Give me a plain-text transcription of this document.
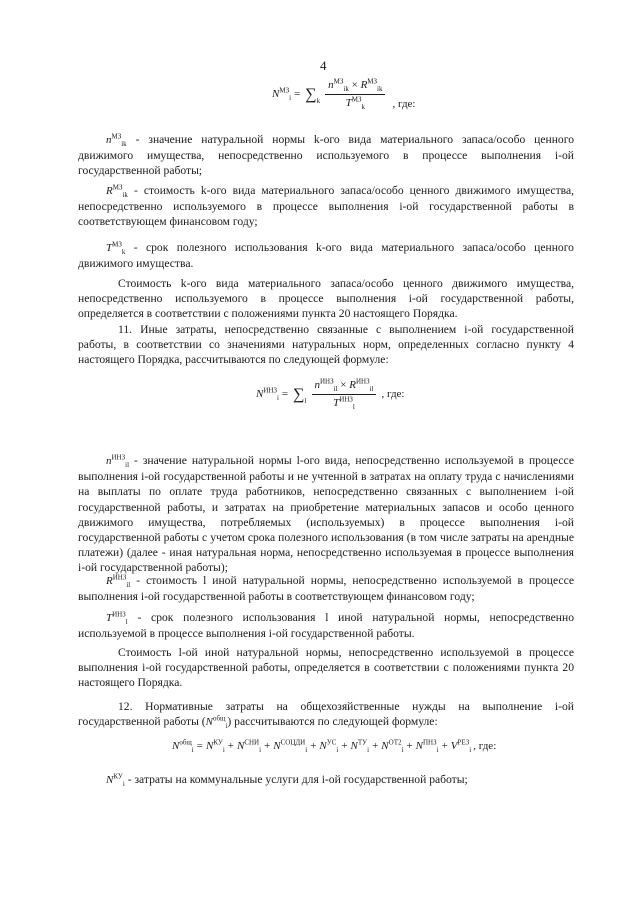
4
$N^{МЗ}_i = \sum_k \frac{n^{МЗ}_{ik} \times R^{МЗ}_{ik}}{T^{МЗ}_k}$ , где:
$n^{МЗ}_{ik}$ - значение натуральной нормы k-ого вида материального запаса/особо ценного движимого имущества, непосредственно используемого в процессе выполнения i-ой государственной работы;
$R^{МЗ}_{ik}$ - стоимость k-ого вида материального запаса/особо ценного движимого имущества, непосредственно используемого в процессе выполнения i-ой государственной работы в соответствующем финансовом году;
$T^{МЗ}_k$ - срок полезного использования k-ого вида материального запаса/особо ценного движимого имущества.
Стоимость k-ого вида материального запаса/особо ценного движимого имущества, непосредственно используемого в процессе выполнения i-ой государственной работы, определяется в соответствии с положениями пункта 20 настоящего Порядка.
11. Иные затраты, непосредственно связанные с выполнением i-ой государственной работы, в соответствии со значениями натуральных норм, определенных согласно пункту 4 настоящего Порядка, рассчитываются по следующей формуле:
$N^{ИНЗ}_i = \sum_l \frac{n^{ИНЗ}_{il} \times R^{ИНЗ}_{il}}{T^{ИНЗ}_l}$ , где:
$n^{ИНЗ}_{il}$ - значение натуральной нормы l-ого вида, непосредственно используемой в процессе выполнения i-ой государственной работы и не учтенной в затратах на оплату труда с начислениями на выплаты по оплате труда работников, непосредственно связанных с выполнением i-ой государственной работы, и затратах на приобретение материальных запасов и особо ценного движимого имущества, потребляемых (используемых) в процессе выполнения i-ой государственной работы с учетом срока полезного использования (в том числе затраты на арендные платежи) (далее - иная натуральная норма, непосредственно используемая в процессе выполнения i-ой государственной работы);
$R^{ИНЗ}_{il}$ - стоимость l иной натуральной нормы, непосредственно используемой в процессе выполнения i-ой государственной работы в соответствующем финансовом году;
$T^{ИНЗ}_l$ - срок полезного использования l иной натуральной нормы, непосредственно используемой в процессе выполнения i-ой государственной работы.
Стоимость l-ой иной натуральной нормы, непосредственно используемой в процессе выполнения i-ой государственной работы, определяется в соответствии с положениями пункта 20 настоящего Порядка.
12. Нормативные затраты на общехозяйственные нужды на выполнение i-ой государственной работы $(N^{общ}_i)$ рассчитываются по следующей формуле:
$N^{общ}_i = N^{КУ}_i + N^{СНИ}_i + N^{СОЦДИ}_i + N^{УС}_i + N^{ТУ}_i + N^{ОТ2}_i + N^{ПНЗ}_i + V^{РЕЗ}_i$ , где:
$N^{КУ}_i$ - затраты на коммунальные услуги для i-ой государственной работы;
